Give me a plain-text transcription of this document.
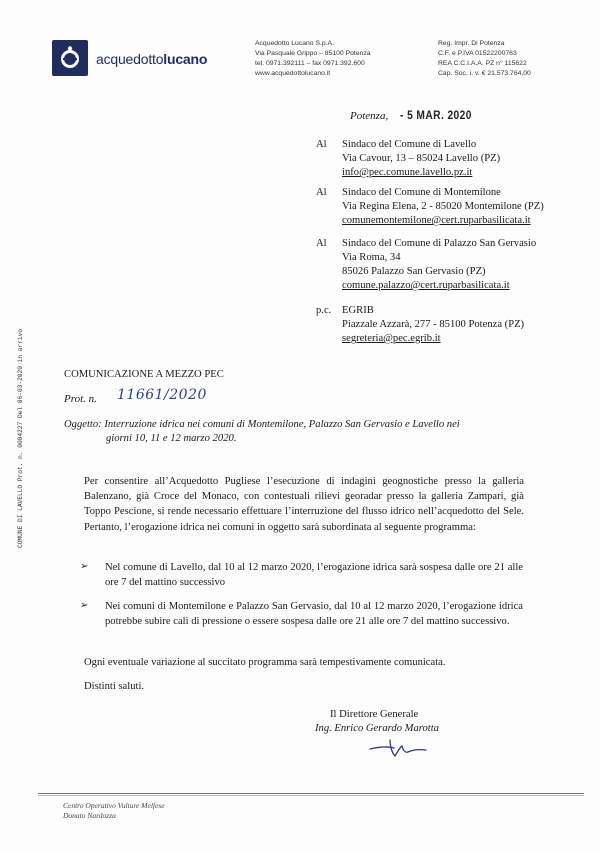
acquedottolucano
Acquedotto Lucano S.p.A.
Via Pasquale Grippo – 85100 Potenza
tel. 0971.392111 – fax 0971.392.600
www.acquedottolucano.it
Reg. Impr. Di Potenza
C.F. e P.IVA 01522200763
REA C.C.I.A.A. PZ n° 115622
Cap. Soc. i. v. € 21.573.764,00
Potenza, - 5 MAR. 2020
Al Sindaco del Comune di Lavello
Via Cavour, 13 – 85024 Lavello (PZ)
info@pec.comune.lavello.pz.it
Al Sindaco del Comune di Montemilone
Via Regina Elena, 2 - 85020 Montemilone (PZ)
comunemontemilone@cert.ruparbasilicata.it
Al Sindaco del Comune di Palazzo San Gervasio
Via Roma, 34
85026 Palazzo San Gervasio (PZ)
comune.palazzo@cert.ruparbasilicata.it
p.c. EGRIB
Piazzale Azzarà, 277 - 85100 Potenza (PZ)
segreteria@pec.egrib.it
COMUNE DI LAVELLO Prot. n. 0004227 Del 06-03-2020 in arrivo	COMUNICAZIONE A MEZZO PEC
Prot. n. 11661/2020
Oggetto: Interruzione idrica nei comuni di Montemilone, Palazzo San Gervasio e Lavello nei
giorni 10, 11 e 12 marzo 2020.
Per consentire all’Acquedotto Pugliese l’esecuzione di indagini geognostiche presso la galleria Balenzano, già Croce del Monaco, con contestuali rilievi georadar presso la galleria Zampari, già Toppo Pescione, si rende necessario effettuare l’interruzione del flusso idrico nell’acquedotto del Sele. Pertanto, l’erogazione idrica nei comuni in oggetto sarà subordinata al seguente programma:
➢ Nel comune di Lavello, dal 10 al 12 marzo 2020, l’erogazione idrica sarà sospesa dalle ore 21 alle ore 7 del mattino successivo
➢ Nei comuni di Montemilone e Palazzo San Gervasio, dal 10 al 12 marzo 2020, l’erogazione idrica potrebbe subire cali di pressione o essere sospesa dalle ore 21 alle ore 7 del mattino successivo.
Ogni eventuale variazione al succitato programma sarà tempestivamente comunicata.
Distinti saluti.
Il Direttore Generale
Ing. Enrico Gerardo Marotta
Centro Operativo Vulture Melfese
Donato Nardozza
